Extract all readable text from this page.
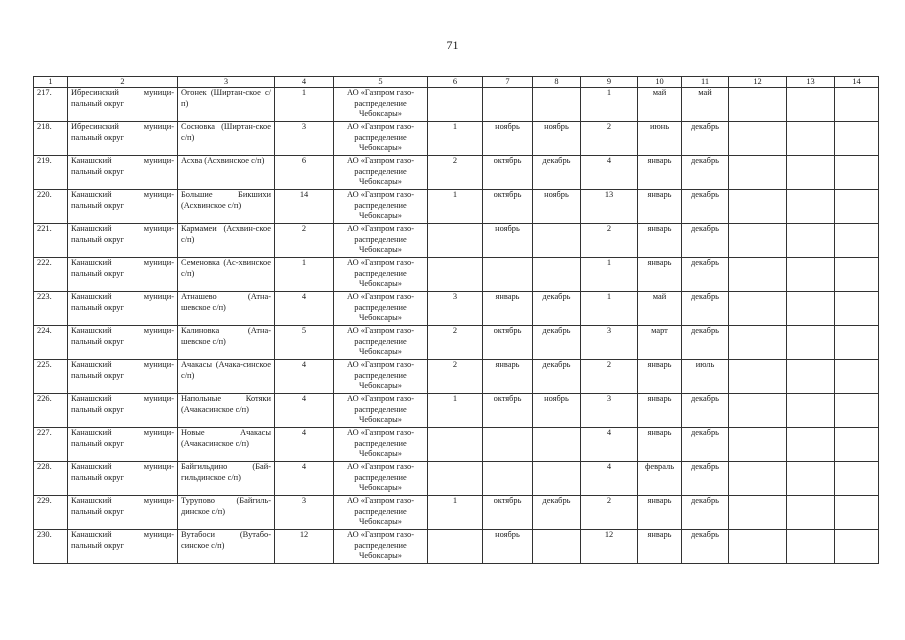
71
1	2	3	4	5	6	7	8	9	10	11	12	13	14
217.	Ибресинский муници-пальный округ	Огонек (Ширтан-ское с/п)	1	АО «Газпром газо-распределение Чебоксары»				1	май	май			
218.	Ибресинский муници-пальный округ	Сосновка (Ширтан-ское с/п)	3	АО «Газпром газо-распределение Чебоксары»	1	ноябрь	ноябрь	2	июнь	декабрь			
219.	Канашский муници-пальный округ	Асхва (Асхвинское с/п)	6	АО «Газпром газо-распределение Чебоксары»	2	октябрь	декабрь	4	январь	декабрь			
220.	Канашский муници-пальный округ	Большие Бикшихи (Асхвинское с/п)	14	АО «Газпром газо-распределение Чебоксары»	1	октябрь	ноябрь	13	январь	декабрь			
221.	Канашский муници-пальный округ	Кармамеи (Асхвин-ское с/п)	2	АО «Газпром газо-распределение Чебоксары»		ноябрь		2	январь	декабрь			
222.	Канашский муници-пальный округ	Семеновка (Ас-хвинское с/п)	1	АО «Газпром газо-распределение Чебоксары»				1	январь	декабрь			
223.	Канашский муници-пальный округ	Атнашево (Атна-шевское с/п)	4	АО «Газпром газо-распределение Чебоксары»	3	январь	декабрь	1	май	декабрь			
224.	Канашский муници-пальный округ	Калиновка (Атна-шевское с/п)	5	АО «Газпром газо-распределение Чебоксары»	2	октябрь	декабрь	3	март	декабрь			
225.	Канашский муници-пальный округ	Ачакасы (Ачака-синское с/п)	4	АО «Газпром газо-распределение Чебоксары»	2	январь	декабрь	2	январь	июль			
226.	Канашский муници-пальный округ	Напольные Котяки (Ачакасинское с/п)	4	АО «Газпром газо-распределение Чебоксары»	1	октябрь	ноябрь	3	январь	декабрь			
227.	Канашский муници-пальный округ	Новые Ачакасы (Ачакасинское с/п)	4	АО «Газпром газо-распределение Чебоксары»				4	январь	декабрь			
228.	Канашский муници-пальный округ	Байгильдино (Бай-гильдинское с/п)	4	АО «Газпром газо-распределение Чебоксары»				4	февраль	декабрь			
229.	Канашский муници-пальный округ	Турупово (Байгиль-динское с/п)	3	АО «Газпром газо-распределение Чебоксары»	1	октябрь	декабрь	2	январь	декабрь			
230.	Канашский муници-пальный округ	Вутабоси (Вутабо-синское с/п)	12	АО «Газпром газо-распределение Чебоксары»		ноябрь		12	январь	декабрь			
